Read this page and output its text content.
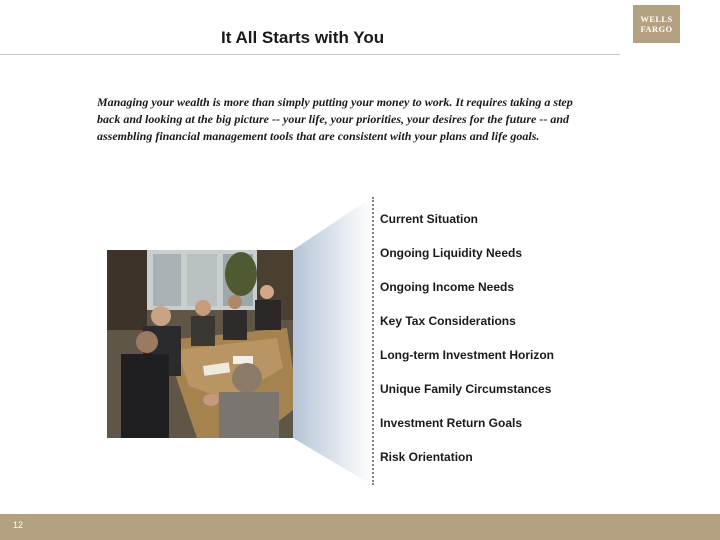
It All Starts with You
WELLS
FARGO

Managing your wealth is more than simply putting your money to work. It requires taking a step back and looking at the big picture -- your life, your priorities, your desires for the future -- and assembling financial management tools that are consistent with your plans and life goals.

Current Situation
Ongoing Liquidity Needs
Ongoing Income Needs
Key Tax Considerations
Long-term Investment Horizon
Unique Family Circumstances
Investment Return Goals
Risk Orientation
12
